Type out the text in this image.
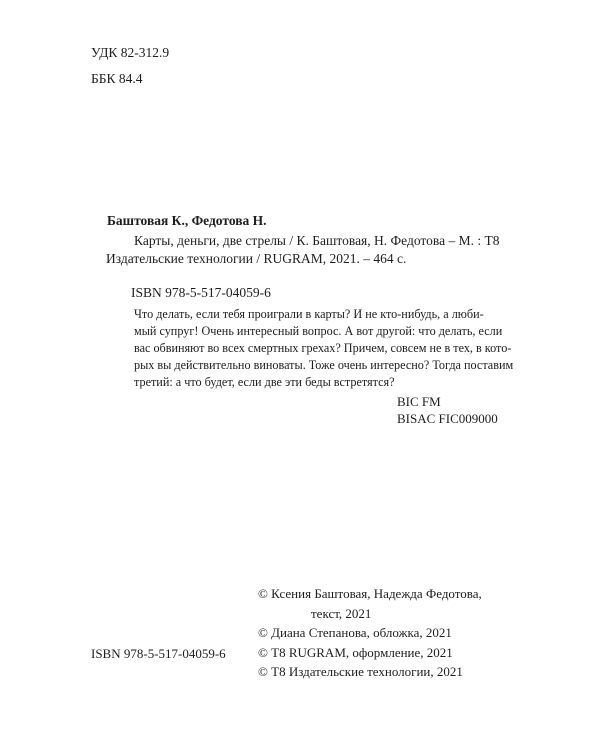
УДК 82-312.9
ББК 84.4
Баштовая К., Федотова Н.
Карты, деньги, две стрелы / К. Баштовая, Н. Федотова – М. : Т8
Издательские технологии / RUGRAM, 2021. – 464 с.
ISBN 978-5-517-04059-6
Что делать, если тебя проиграли в карты? И не кто-нибудь, а люби-
мый супруг! Очень интересный вопрос. А вот другой: что делать, если
вас обвиняют во всех смертных грехах? Причем, совсем не в тех, в кото-
рых вы действительно виноваты. Тоже очень интересно? Тогда поставим
третий: а что будет, если две эти беды встретятся?
BIC FM
BISAC FIC009000
© Ксения Баштовая, Надежда Федотова,
текст, 2021
© Диана Степанова, обложка, 2021
© Т8 RUGRAM, оформление, 2021
© Т8 Издательские технологии, 2021
ISBN 978-5-517-04059-6
